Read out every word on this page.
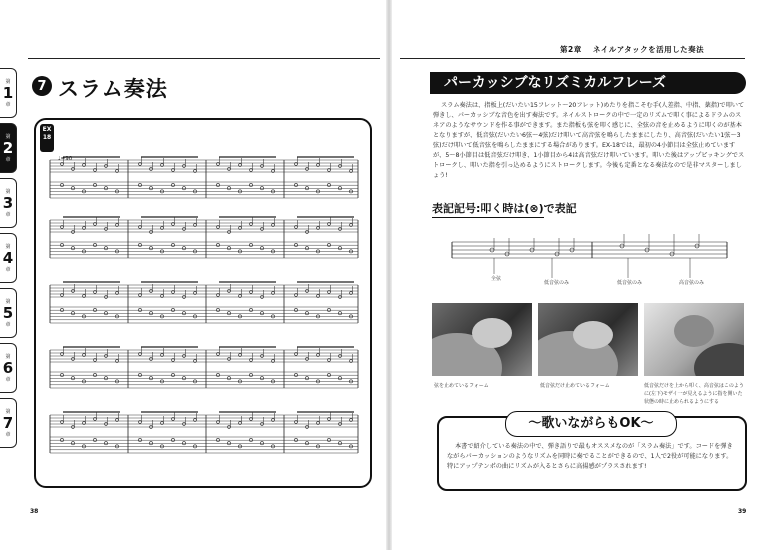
第
1
章
第
2
章
第
3
章
第
4
章
第
5
章
第
6
章
第
7
章
第2章 ネイルアタックを活用した奏法
7 スラム奏法
EX 18
♩=90
38
パーカッシブなリズミカルフレーズ
スラム奏法は、指板上(だいたい15フレット〜20フレット)めたりを指こそむ手(人差指、中指、薬指)で叩いて弾きし、パーカッシブな音色を出す奏法です。ネイルストロークの中で一定のリズムで叩く事によるドラムのスネアのようなサウンドを作る事ができます。また指板も弦を叩く感じに、全弦の音を止めるように叩くのが基本となりますが、低音弦(だいたい6弦〜4弦)だけ叩いて高音弦を鳴らしたままにしたり、高音弦(だいたい1弦〜3弦)だけ叩いて低音弦を鳴らしたままにする場合があります。EX-18では、最初の4小節目は全弦止めていますが、5〜8小節目は低音弦だけ叩き、1小節目から4は高音弦だけ叩いています。叩いた後はアップピッキングでストロークし、叩いた指を引っ込めるようにストロークします。今後も定番となる奏法なので是非マスターしましょう!
表記記号:叩く時は(⊗)で表記
全弦
低音弦のみ	低音弦のみ	高音弦のみ
弦を止めているフォーム	低音弦だけ止めているフォーム	低音弦だけを上から叩く、高音弦はこのように(左下)モザイ一が見えるように指を開いた状態の時に止められるようにする
〜歌いながらもOK〜
本書で紹介している奏法の中で、弾き語りで最もオススメなのが「スラム奏法」です。コードを弾きながらパーカッションのようなリズムを同時に奏でることができるので、1人で2役が可能になります。特にアップテンポの曲にリズムが入るとさらに高揚感がプラスされます!
39
